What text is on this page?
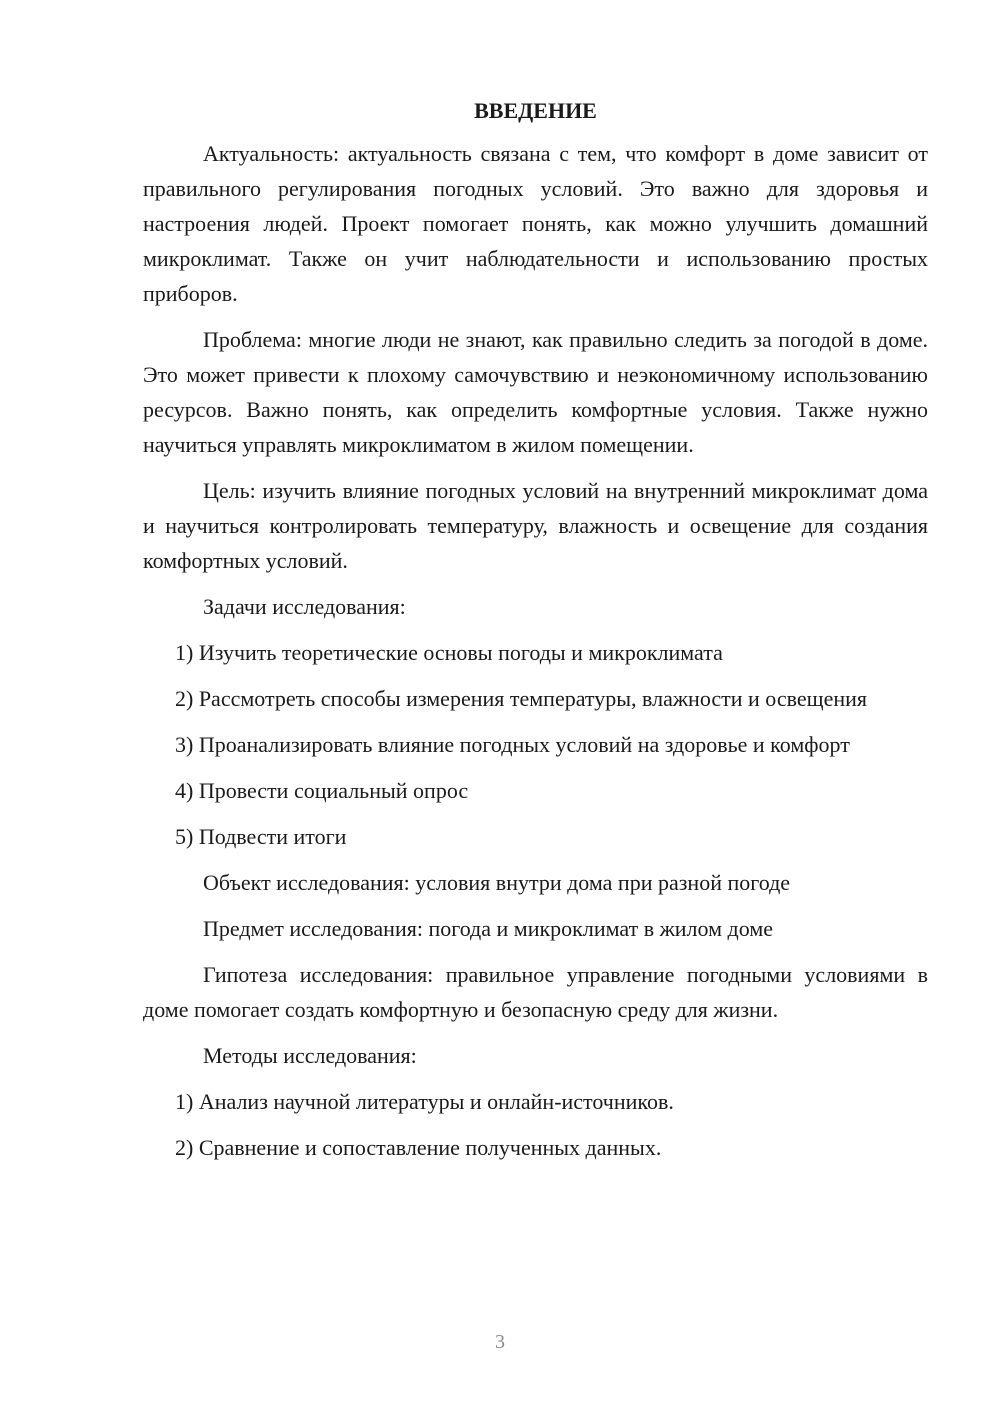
ВВЕДЕНИЕ

Актуальность: актуальность связана с тем, что комфорт в доме зависит от правильного регулирования погодных условий. Это важно для здоровья и настроения людей. Проект помогает понять, как можно улучшить домашний микроклимат. Также он учит наблюдательности и использованию простых приборов.

Проблема: многие люди не знают, как правильно следить за погодой в доме. Это может привести к плохому самочувствию и неэкономичному использованию ресурсов. Важно понять, как определить комфортные условия. Также нужно научиться управлять микроклиматом в жилом помещении.

Цель: изучить влияние погодных условий на внутренний микроклимат дома и научиться контролировать температуру, влажность и освещение для создания комфортных условий.

Задачи исследования:

1) Изучить теоретические основы погоды и микроклимата

2) Рассмотреть способы измерения температуры, влажности и освещения

3) Проанализировать влияние погодных условий на здоровье и комфорт

4) Провести социальный опрос

5) Подвести итоги

Объект исследования: условия внутри дома при разной погоде

Предмет исследования: погода и микроклимат в жилом доме

Гипотеза исследования: правильное управление погодными условиями в доме помогает создать комфортную и безопасную среду для жизни.

Методы исследования:

1) Анализ научной литературы и онлайн-источников.

2) Сравнение и сопоставление полученных данных.

3
